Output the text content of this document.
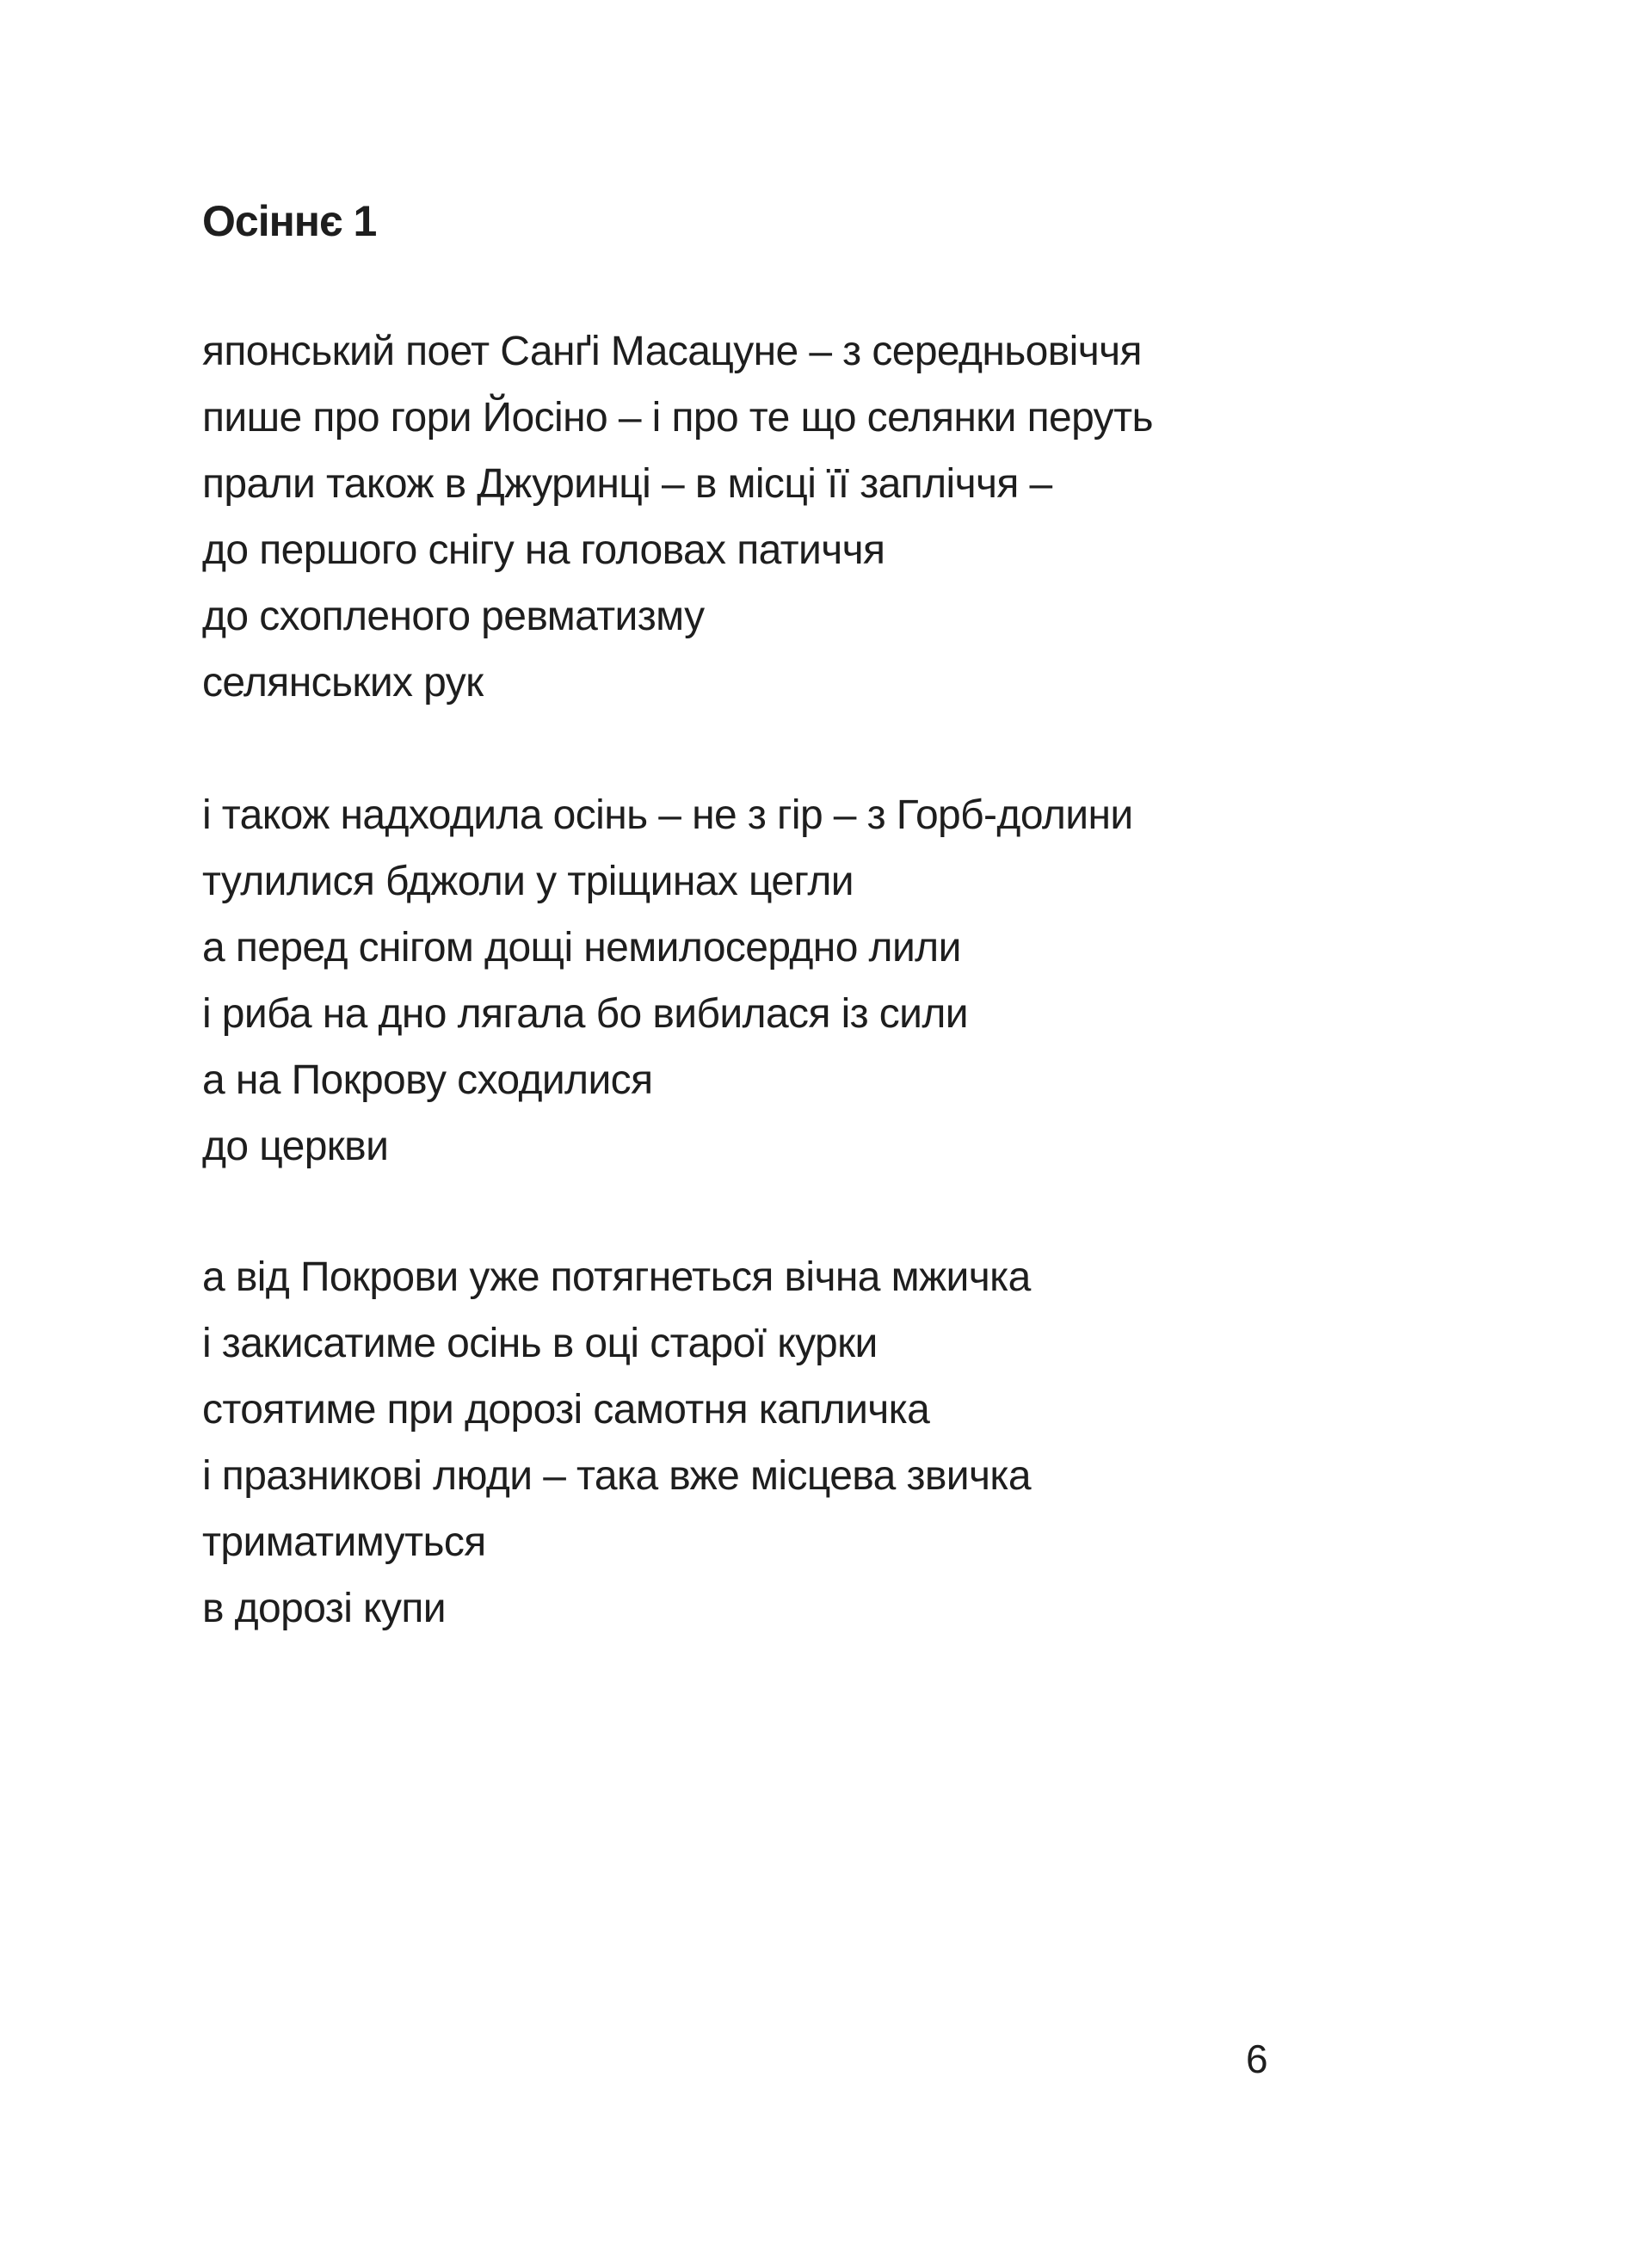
Осіннє 1
японський поет Санґі Масацуне – з середньовіччя
пише про гори Йосіно – і про те що селянки перуть
прали також в Джуринці – в місці її запліччя –
до першого снігу на головах патиччя
до схопленого ревматизму
селянських рук
і також надходила осінь – не з гір – з Горб-долини
тулилися бджоли у тріщинах цегли
а перед снігом дощі немилосердно лили
і риба на дно лягала бо вибилася із сили
а на Покрову сходилися
до церкви
а від Покрови уже потягнеться вічна мжичка
і закисатиме осінь в оці старої курки
стоятиме при дорозі самотня капличка
і празникові люди – така вже місцева звичка
триматимуться
в дорозі купи
6
